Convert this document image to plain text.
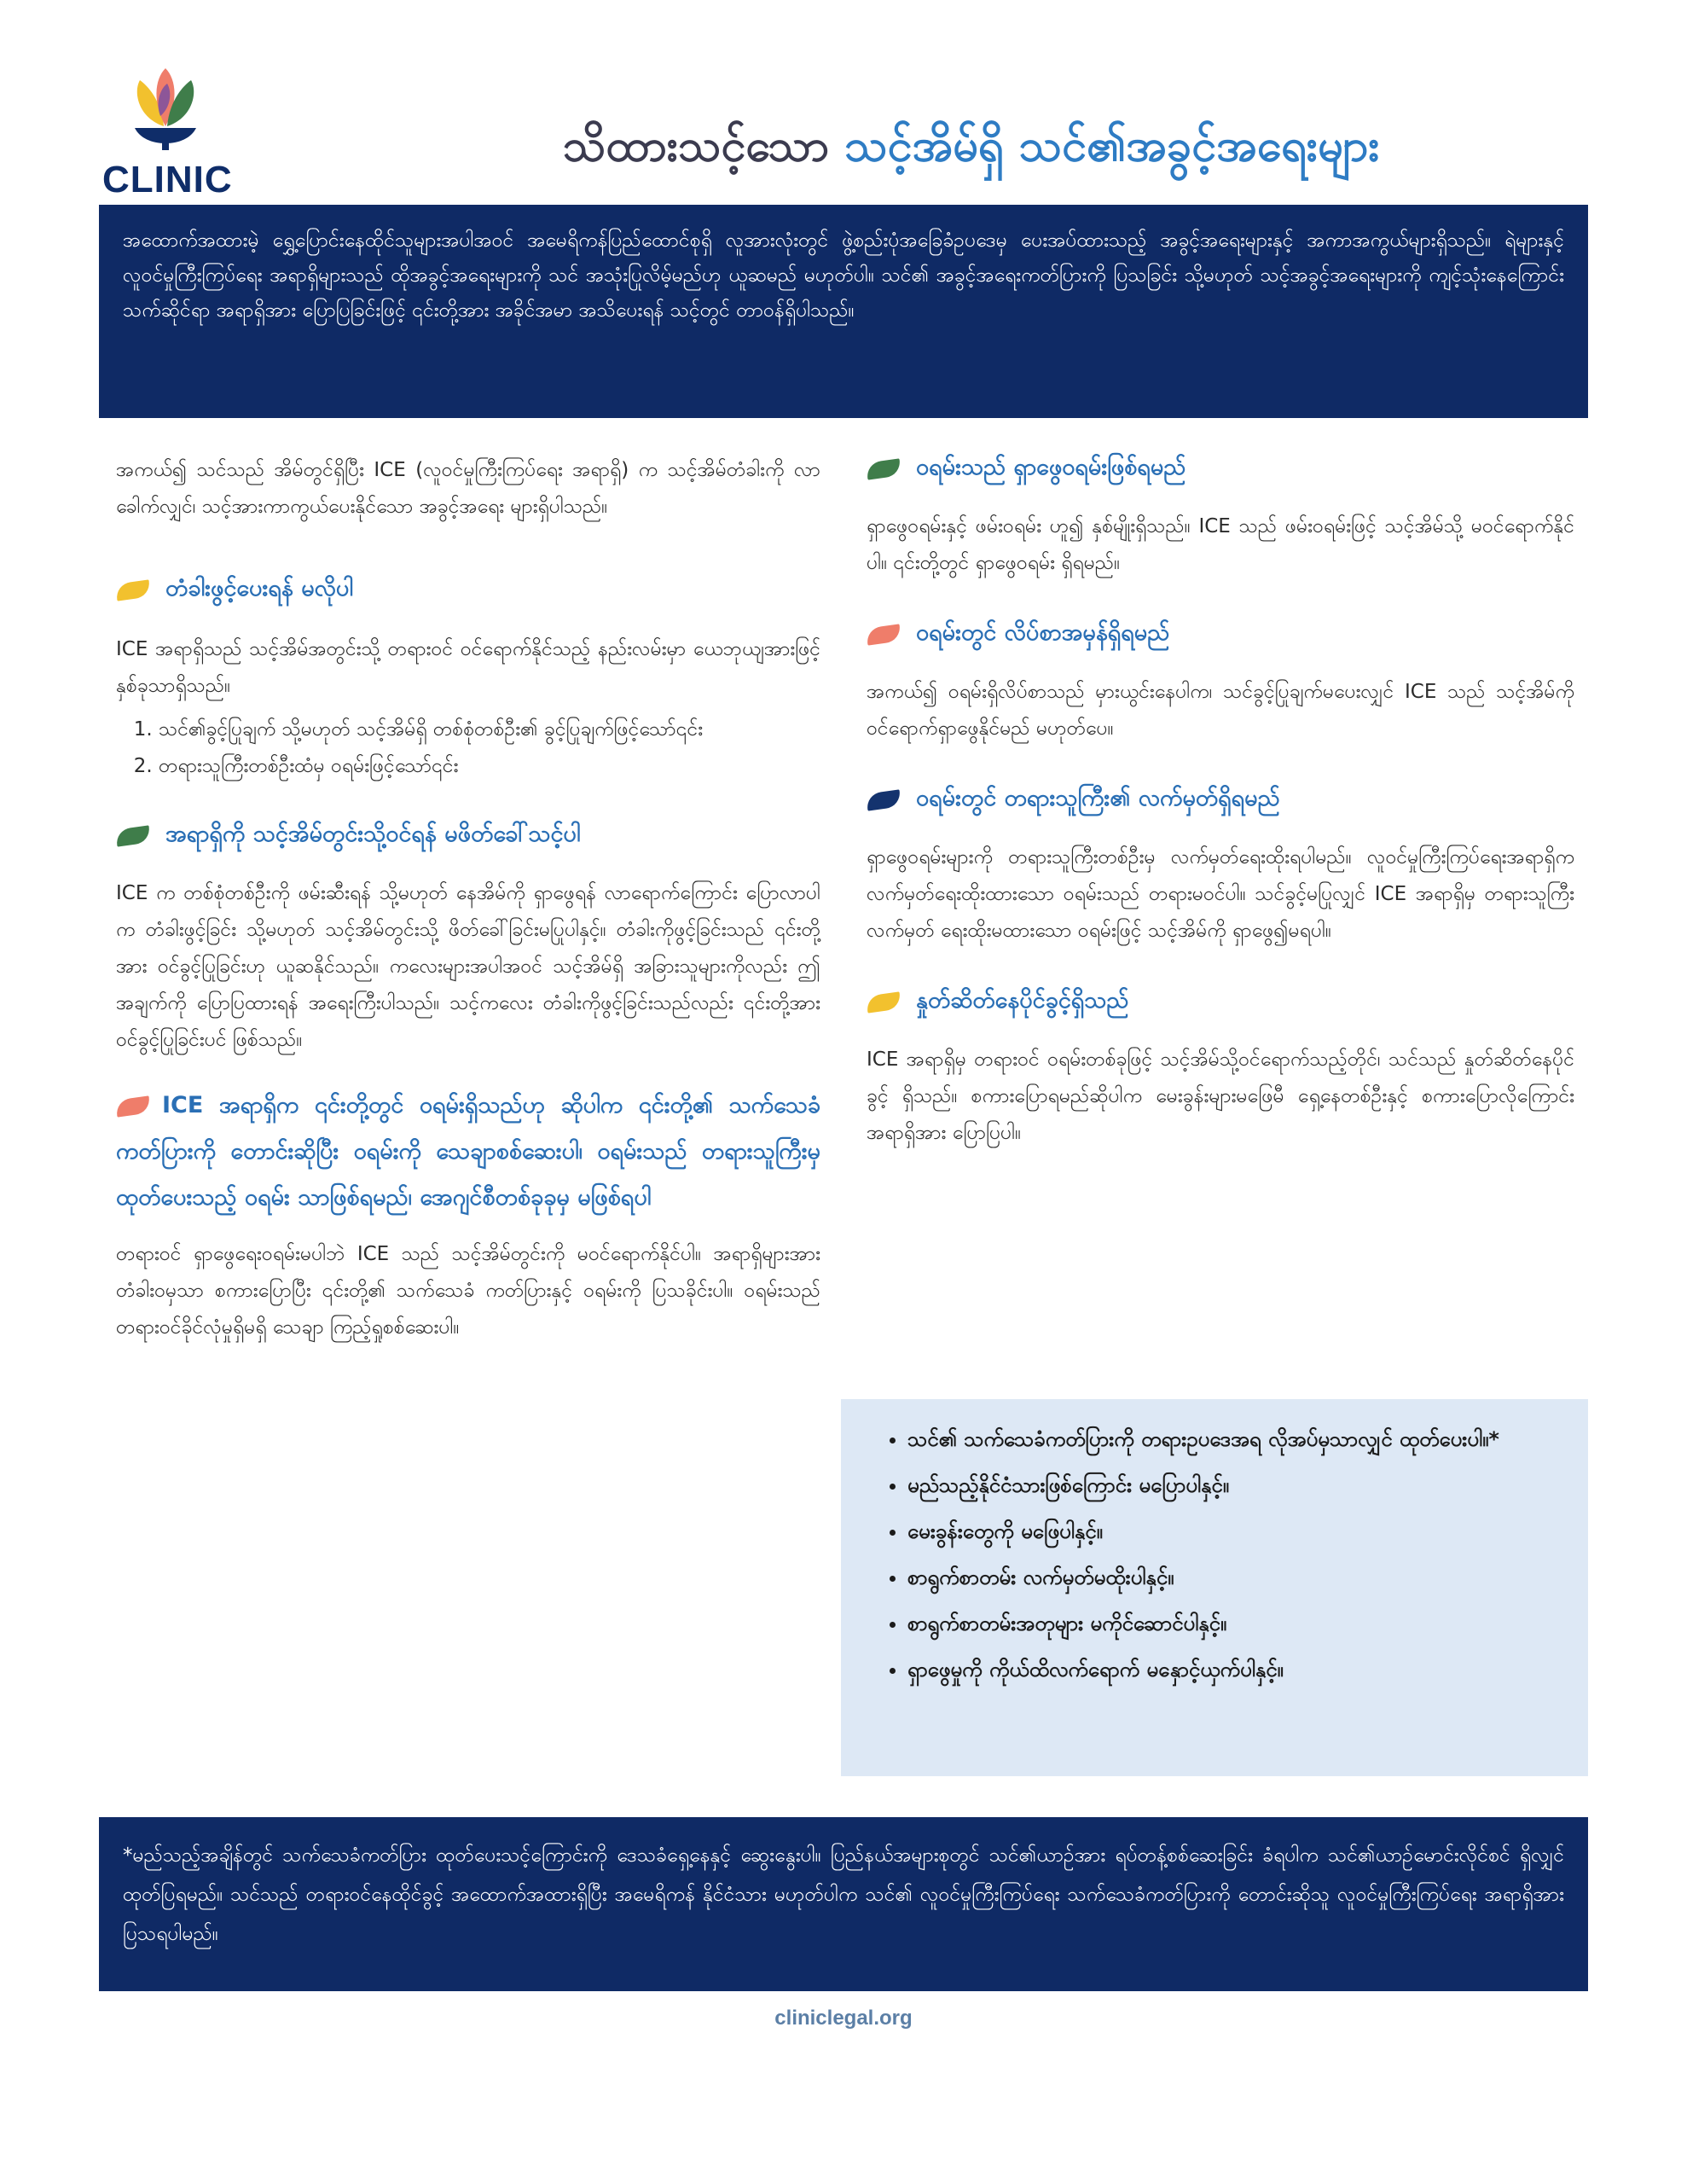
CLINIC
သိထားသင့်သော သင့်အိမ်ရှိ သင်၏အခွင့်အရေးများ
အထောက်အထားမဲ့ ရွှေ့ပြောင်းနေထိုင်သူများအပါအဝင် အမေရိကန်ပြည်ထောင်စုရှိ လူအားလုံးတွင် ဖွဲ့စည်းပုံအခြေခံဥပဒေမှ ပေးအပ်ထားသည့် အခွင့်အရေးများနှင့် အကာအကွယ်များရှိသည်။ ရဲများနှင့် လူဝင်မှုကြီးကြပ်ရေး အရာရှိများသည် ထိုအခွင့်အရေးများကို သင် အသုံးပြုလိမ့်မည်ဟု ယူဆမည် မဟုတ်ပါ။ သင်၏ အခွင့်အရေးကတ်ပြားကို ပြသခြင်း သို့မဟုတ် သင့်အခွင့်အရေးများကို ကျင့်သုံးနေကြောင်း သက်ဆိုင်ရာ အရာရှိအား ပြောပြခြင်းဖြင့် ၎င်းတို့အား အခိုင်အမာ အသိပေးရန် သင့်တွင် တာဝန်ရှိပါသည်။

အကယ်၍ သင်သည် အိမ်တွင်ရှိပြီး ICE (လူဝင်မှုကြီးကြပ်ရေး အရာရှိ) က သင့်အိမ်တံခါးကို လာခေါက်လျှင်၊ သင့်အားကာကွယ်ပေးနိုင်သော အခွင့်အရေး များရှိပါသည်။

တံခါးဖွင့်ပေးရန် မလိုပါ

ICE အရာရှိသည် သင့်အိမ်အတွင်းသို့ တရားဝင် ဝင်ရောက်နိုင်သည့် နည်းလမ်းမှာ ယေဘုယျအားဖြင့် နှစ်ခုသာရှိသည်။

1. သင်၏ခွင့်ပြုချက် သို့မဟုတ် သင့်အိမ်ရှိ တစ်စုံတစ်ဦး၏ ခွင့်ပြုချက်ဖြင့်သော်၎င်း
2. တရားသူကြီးတစ်ဦးထံမှ ဝရမ်းဖြင့်သော်၎င်း
အရာရှိကို သင့်အိမ်တွင်းသို့ဝင်ရန် မဖိတ်ခေါ်သင့်ပါ

ICE က တစ်စုံတစ်ဦးကို ဖမ်းဆီးရန် သို့မဟုတ် နေအိမ်ကို ရှာဖွေရန် လာရောက်ကြောင်း ပြောလာပါက တံခါးဖွင့်ခြင်း သို့မဟုတ် သင့်အိမ်တွင်းသို့ ဖိတ်ခေါ်ခြင်းမပြုပါနှင့်။ တံခါးကိုဖွင့်ခြင်းသည် ၎င်းတို့အား ဝင်ခွင့်ပြုခြင်းဟု ယူဆနိုင်သည်။ ကလေးများအပါအဝင် သင့်အိမ်ရှိ အခြားသူများကိုလည်း ဤအချက်ကို ပြောပြထားရန် အရေးကြီးပါသည်။ သင့်ကလေး တံခါးကိုဖွင့်ခြင်းသည်လည်း ၎င်းတို့အား ဝင်ခွင့်ပြုခြင်းပင် ဖြစ်သည်။

ICE အရာရှိက ၎င်းတို့တွင် ဝရမ်းရှိသည်ဟု ဆိုပါက ၎င်းတို့၏ သက်သေခံကတ်ပြားကို တောင်းဆိုပြီး ဝရမ်းကို သေချာစစ်ဆေးပါ၊ ဝရမ်းသည် တရားသူကြီးမှ ထုတ်ပေးသည့် ဝရမ်း သာဖြစ်ရမည်၊ အေဂျင်စီတစ်ခုခုမှ မဖြစ်ရပါ

တရားဝင် ရှာဖွေရေးဝရမ်းမပါဘဲ ICE သည် သင့်အိမ်တွင်းကို မဝင်ရောက်နိုင်ပါ။ အရာရှိများအား တံခါးဝမှသာ စကားပြောပြီး ၎င်းတို့၏ သက်သေခံ ကတ်ပြားနှင့် ဝရမ်းကို ပြသခိုင်းပါ။ ဝရမ်းသည် တရားဝင်ခိုင်လုံမှုရှိမရှိ သေချာ ကြည့်ရှုစစ်ဆေးပါ။

ဝရမ်းသည် ရှာဖွေဝရမ်းဖြစ်ရမည်

ရှာဖွေဝရမ်းနှင့် ဖမ်းဝရမ်း ဟူ၍ နှစ်မျိုးရှိသည်။ ICE သည် ဖမ်းဝရမ်းဖြင့် သင့်အိမ်သို့ မဝင်ရောက်နိုင်ပါ။ ၎င်းတို့တွင် ရှာဖွေဝရမ်း ရှိရမည်။

ဝရမ်းတွင် လိပ်စာအမှန်ရှိရမည်

အကယ်၍ ဝရမ်းရှိလိပ်စာသည် မှားယွင်းနေပါက၊ သင်ခွင့်ပြုချက်မပေးလျှင် ICE သည် သင့်အိမ်ကို ဝင်ရောက်ရှာဖွေနိုင်မည် မဟုတ်ပေ။

ဝရမ်းတွင် တရားသူကြီး၏ လက်မှတ်ရှိရမည်

ရှာဖွေဝရမ်းများကို တရားသူကြီးတစ်ဦးမှ လက်မှတ်ရေးထိုးရပါမည်။ လူဝင်မှုကြီးကြပ်ရေးအရာရှိက လက်မှတ်ရေးထိုးထားသော ဝရမ်းသည် တရားမဝင်ပါ။ သင်ခွင့်မပြုလျှင် ICE အရာရှိမှ တရားသူကြီးလက်မှတ် ရေးထိုးမထားသော ဝရမ်းဖြင့် သင့်အိမ်ကို ရှာဖွေ၍မရပါ။

နှုတ်ဆိတ်နေပိုင်ခွင့်ရှိသည်

ICE အရာရှိမှ တရားဝင် ဝရမ်းတစ်ခုဖြင့် သင့်အိမ်သို့ဝင်ရောက်သည့်တိုင်၊ သင်သည် နှုတ်ဆိတ်နေပိုင်ခွင့် ရှိသည်။ စကားပြောရမည်ဆိုပါက မေးခွန်းများမဖြေမီ ရှေ့နေတစ်ဦးနှင့် စကားပြောလိုကြောင်း အရာရှိအား ပြောပြပါ။

• သင်၏ သက်သေခံကတ်ပြားကို တရားဥပဒေအရ လိုအပ်မှသာလျှင် ထုတ်ပေးပါ။*
• မည်သည့်နိုင်ငံသားဖြစ်ကြောင်း မပြောပါနှင့်။
• မေးခွန်းတွေကို မဖြေပါနှင့်။
• စာရွက်စာတမ်း လက်မှတ်မထိုးပါနှင့်။
• စာရွက်စာတမ်းအတုများ မကိုင်ဆောင်ပါနှင့်။
• ရှာဖွေမှုကို ကိုယ်ထိလက်ရောက် မနှောင့်ယှက်ပါနှင့်။
*မည်သည့်အချိန်တွင် သက်သေခံကတ်ပြား ထုတ်ပေးသင့်ကြောင်းကို ဒေသခံရှေ့နေနှင့် ဆွေးနွေးပါ။ ပြည်နယ်အများစုတွင် သင်၏ယာဉ်အား ရပ်တန့်စစ်ဆေးခြင်း ခံရပါက သင်၏ယာဉ်မောင်းလိုင်စင် ရှိလျှင် ထုတ်ပြရမည်။ သင်သည် တရားဝင်နေထိုင်ခွင့် အထောက်အထားရှိပြီး အမေရိကန် နိုင်ငံသား မဟုတ်ပါက သင်၏ လူဝင်မှုကြီးကြပ်ရေး သက်သေခံကတ်ပြားကို တောင်းဆိုသူ လူဝင်မှုကြီးကြပ်ရေး အရာရှိအား ပြသရပါမည်။
cliniclegal.org
